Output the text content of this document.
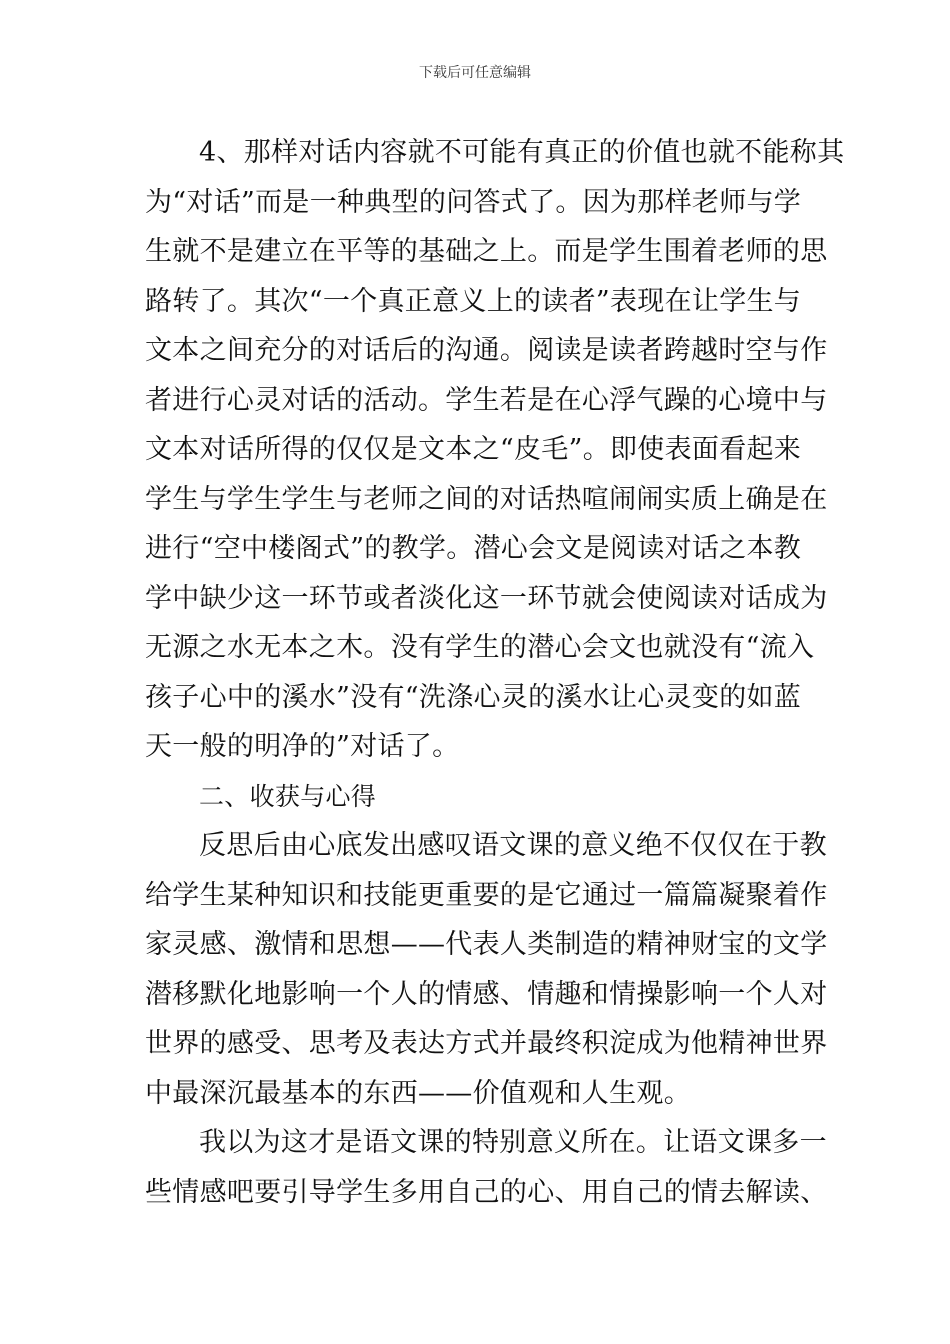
下载后可任意编辑
4、那样对话内容就不可能有真正的价值也就不能称其
为“对话”而是一种典型的问答式了。因为那样老师与学
生就不是建立在平等的基础之上。而是学生围着老师的思
路转了。其次“一个真正意义上的读者”表现在让学生与
文本之间充分的对话后的沟通。阅读是读者跨越时空与作
者进行心灵对话的活动。学生若是在心浮气躁的心境中与
文本对话所得的仅仅是文本之“皮毛”。即使表面看起来
学生与学生学生与老师之间的对话热喧闹闹实质上确是在
进行“空中楼阁式”的教学。潜心会文是阅读对话之本教
学中缺少这一环节或者淡化这一环节就会使阅读对话成为
无源之水无本之木。没有学生的潜心会文也就没有“流入
孩子心中的溪水”没有“洗涤心灵的溪水让心灵变的如蓝
天一般的明净的”对话了。
二、收获与心得
反思后由心底发出感叹语文课的意义绝不仅仅在于教
给学生某种知识和技能更重要的是它通过一篇篇凝聚着作
家灵感、激情和思想——代表人类制造的精神财宝的文学
潜移默化地影响一个人的情感、情趣和情操影响一个人对
世界的感受、思考及表达方式并最终积淀成为他精神世界
中最深沉最基本的东西——价值观和人生观。
我以为这才是语文课的特别意义所在。让语文课多一
些情感吧要引导学生多用自己的心、用自己的情去解读、
